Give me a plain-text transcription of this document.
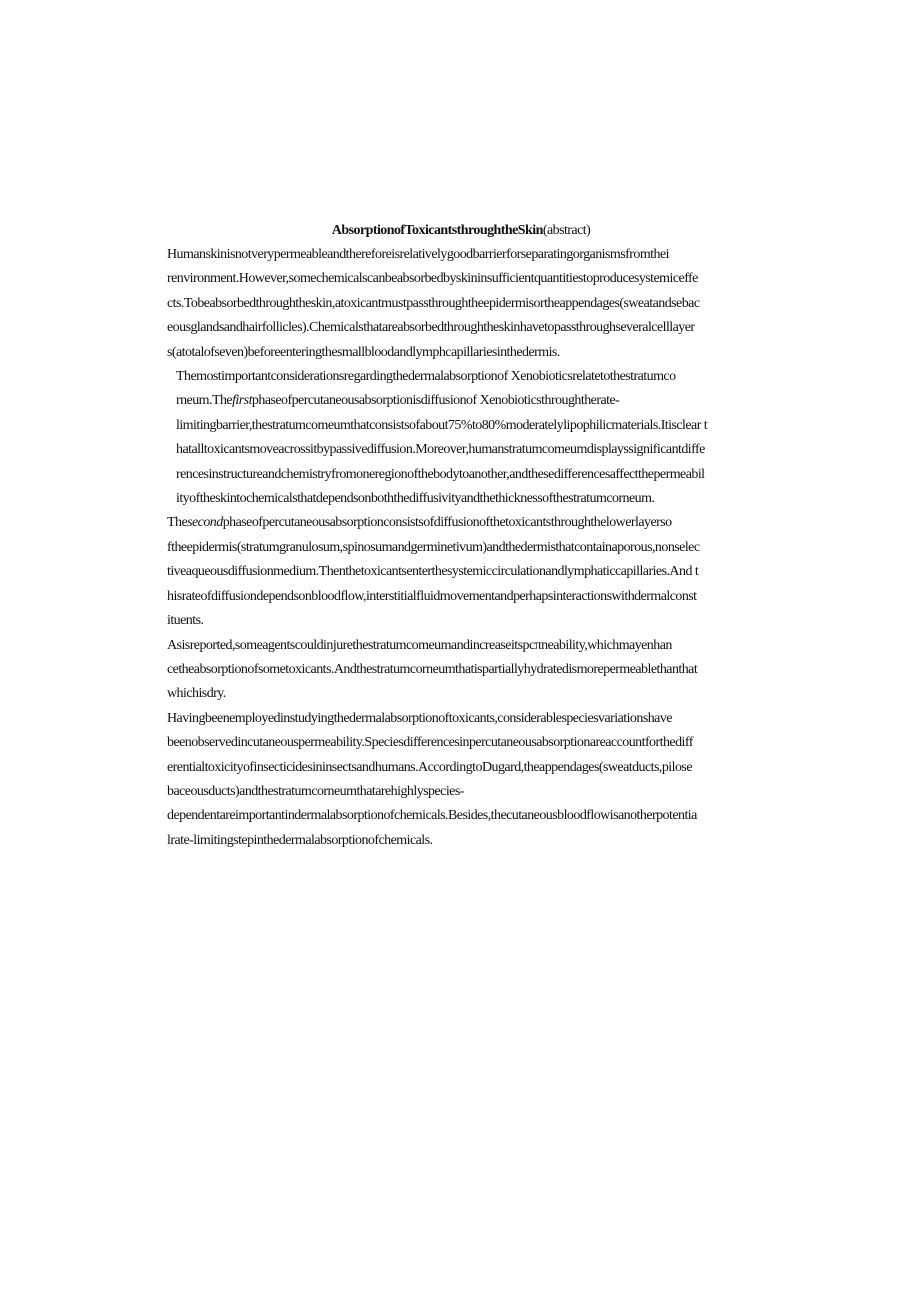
AbsorptionofToxicantsthroughtheSkin(abstract)

Humanskinisnotverypermeableandthereforeisrelativelygoodbarrierforseparatingorganismsfromthei
renvironment.However,somechemicalscanbeabsorbedbyskininsufficientquantitiestoproducesystemiceffe
cts.Tobeabsorbedthroughtheskin,atoxicantmustpassthroughtheepidermisortheappendages(sweatandsebac
eousglandsandhairfollicles).Chemicalsthatareabsorbedthroughtheskinhavetopassthroughseveralcelllayer
s(atotalofseven)beforeenteringthesmallbloodandlymphcapillariesinthedermis.

Themostimportantconsiderationsregardingthedermalabsorptionof Xenobioticsrelatetothestratumco
rneum.Thefirstphaseofpercutaneousabsorptionisdiffusionof Xenobioticsthroughtherate-
limitingbarrier,thestratumcomeumthatconsistsofabout75%to80%moderatelylipophilicmaterials.Itisclear t
hatalltoxicantsmoveacrossitbypassivediffusion.Moreover,humanstratumcomeumdisplayssignificantdiffe
rencesinstructureandchemistryfromoneregionofthebodytoanother,andthesedifferencesaffectthepermeabil
ityoftheskintochemicalsthatdependsonboththediffusivityandthethicknessofthestratumcorneum.

Thesecondphaseofpercutaneousabsorptionconsistsofdiffusionofthetoxicantsthroughthelowerlayerso
ftheepidermis(stratumgranulosum,spinosumandgerminetivum)andthedermisthatcontainaporous,nonselec
tiveaqueousdiffusionmedium.Thenthetoxicantsenterthesystemiccirculationandlymphaticcapillaries.And t
hisrateofdiffusiondependsonbloodflow,interstitialfluidmovementandperhapsinteractionswithdermalconst
ituents.

Asisreported,someagentscouldinjurethestratumcomeumandincreaseitspcπneability,whichmayenhan
cetheabsorptionofsometoxicants.Andthestratumcorneumthatispartiallyhydratedismorepermeablethanthat
whichisdry.

Havingbeenemployedinstudyingthedermalabsorptionoftoxicants,considerablespeciesvariationshave
beenobservedincutaneouspermeability.Speciesdifferencesinpercutaneousabsorptionareaccountforthediff
erentialtoxicityofinsecticidesininsectsandhumans.AccordingtoDugard,theappendages(sweatducts,pilose
baceousducts)andthestratumcorneumthatarehighlyspecies-
dependentareimportantindermalabsorptionofchemicals.Besides,thecutaneousbloodflowisanotherpotentia
lrate-limitingstepinthedermalabsorptionofchemicals.
